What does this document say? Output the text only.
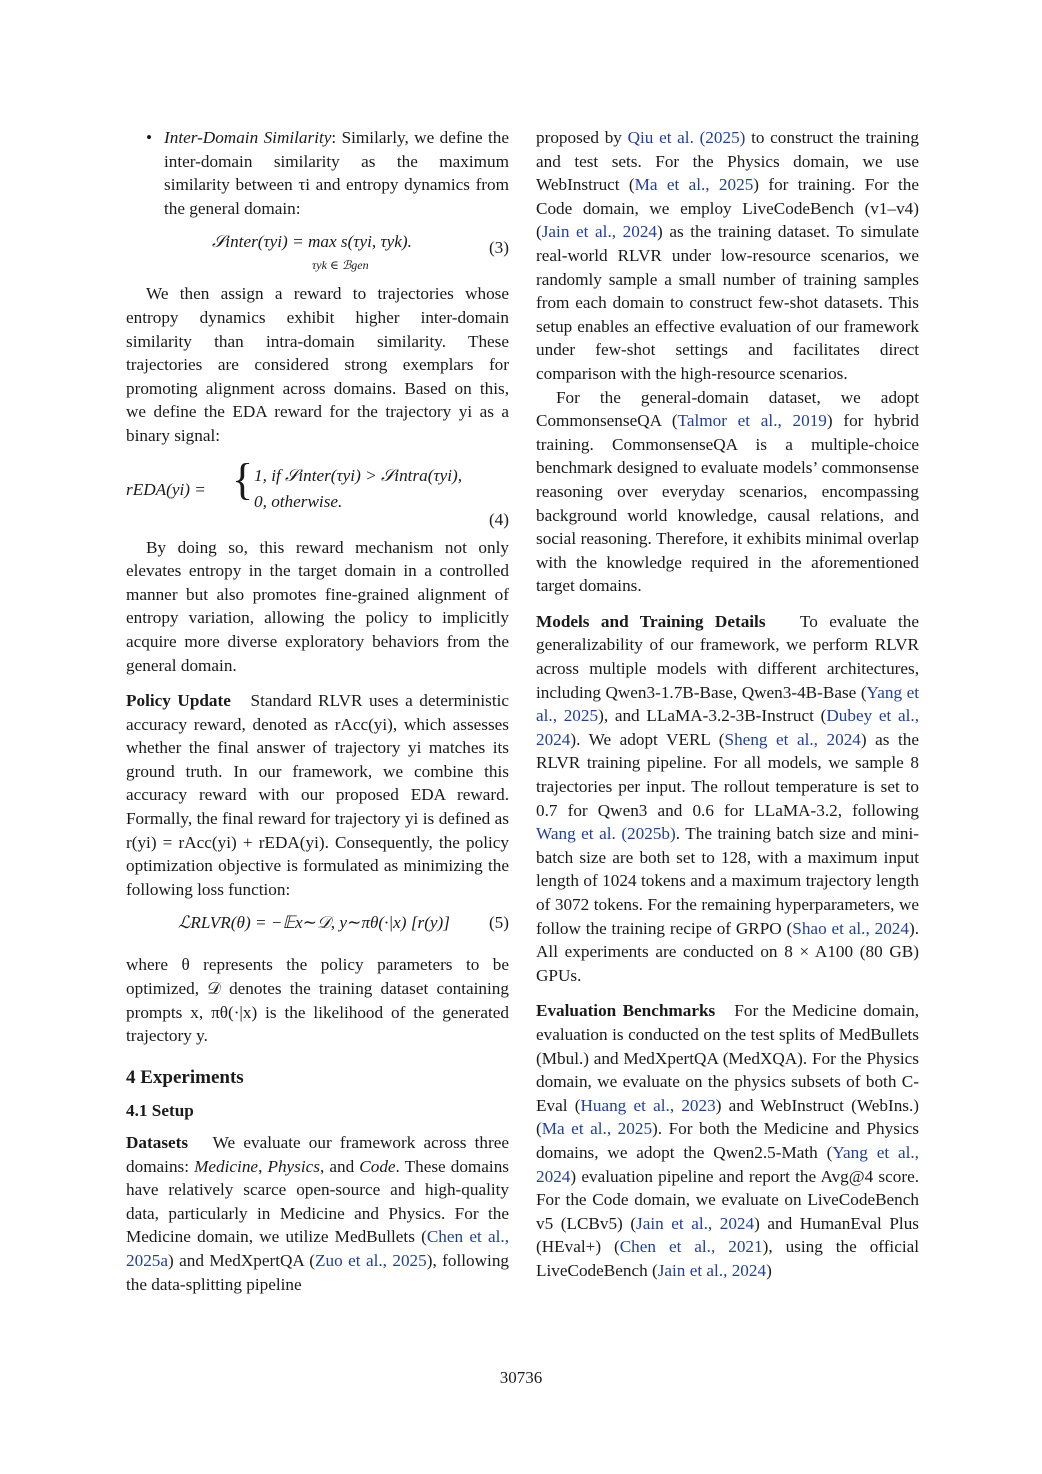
• Inter-Domain Similarity: Similarly, we define the inter-domain similarity as the maximum similarity between τi and entropy dynamics from the general domain:

𝒮inter(τyi) = max s(τyi, τyk).
τyk ∈ ℬgen
(3)

We then assign a reward to trajectories whose entropy dynamics exhibit higher inter-domain similarity than intra-domain similarity. These trajectories are considered strong exemplars for promoting alignment across domains. Based on this, we define the EDA reward for the trajectory yi as a binary signal:

rEDA(yi) = { 1, if 𝒮inter(τyi) > 𝒮intra(τyi),
0, otherwise.
(4)

By doing so, this reward mechanism not only elevates entropy in the target domain in a controlled manner but also promotes fine-grained alignment of entropy variation, allowing the policy to implicitly acquire more diverse exploratory behaviors from the general domain.

Policy Update Standard RLVR uses a deterministic accuracy reward, denoted as rAcc(yi), which assesses whether the final answer of trajectory yi matches its ground truth. In our framework, we combine this accuracy reward with our proposed EDA reward. Formally, the final reward for trajectory yi is defined as r(yi) = rAcc(yi) + rEDA(yi). Consequently, the policy optimization objective is formulated as minimizing the following loss function:

ℒRLVR(θ) = −𝔼x∼𝒟, y∼πθ(·|x) [r(y)] (5)

where θ represents the policy parameters to be optimized, 𝒟 denotes the training dataset containing prompts x, πθ(·|x) is the likelihood of the generated trajectory y.

4 Experiments
4.1 Setup

Datasets We evaluate our framework across three domains: Medicine, Physics, and Code. These domains have relatively scarce open-source and high-quality data, particularly in Medicine and Physics. For the Medicine domain, we utilize MedBullets (Chen et al., 2025a) and MedXpertQA (Zuo et al., 2025), following the data-splitting pipeline

proposed by Qiu et al. (2025) to construct the training and test sets. For the Physics domain, we use WebInstruct (Ma et al., 2025) for training. For the Code domain, we employ LiveCodeBench (v1–v4) (Jain et al., 2024) as the training dataset. To simulate real-world RLVR under low-resource scenarios, we randomly sample a small number of training samples from each domain to construct few-shot datasets. This setup enables an effective evaluation of our framework under few-shot settings and facilitates direct comparison with the high-resource scenarios.

For the general-domain dataset, we adopt CommonsenseQA (Talmor et al., 2019) for hybrid training. CommonsenseQA is a multiple-choice benchmark designed to evaluate models’ commonsense reasoning over everyday scenarios, encompassing background world knowledge, causal relations, and social reasoning. Therefore, it exhibits minimal overlap with the knowledge required in the aforementioned target domains.

Models and Training Details To evaluate the generalizability of our framework, we perform RLVR across multiple models with different architectures, including Qwen3-1.7B-Base, Qwen3-4B-Base (Yang et al., 2025), and LLaMA-3.2-3B-Instruct (Dubey et al., 2024). We adopt VERL (Sheng et al., 2024) as the RLVR training pipeline. For all models, we sample 8 trajectories per input. The rollout temperature is set to 0.7 for Qwen3 and 0.6 for LLaMA-3.2, following Wang et al. (2025b). The training batch size and mini-batch size are both set to 128, with a maximum input length of 1024 tokens and a maximum trajectory length of 3072 tokens. For the remaining hyperparameters, we follow the training recipe of GRPO (Shao et al., 2024). All experiments are conducted on 8 × A100 (80 GB) GPUs.

Evaluation Benchmarks For the Medicine domain, evaluation is conducted on the test splits of MedBullets (Mbul.) and MedXpertQA (MedXQA). For the Physics domain, we evaluate on the physics subsets of both C-Eval (Huang et al., 2023) and WebInstruct (WebIns.) (Ma et al., 2025). For both the Medicine and Physics domains, we adopt the Qwen2.5-Math (Yang et al., 2024) evaluation pipeline and report the Avg@4 score. For the Code domain, we evaluate on LiveCodeBench v5 (LCBv5) (Jain et al., 2024) and HumanEval Plus (HEval+) (Chen et al., 2021), using the official LiveCodeBench (Jain et al., 2024)

30736
